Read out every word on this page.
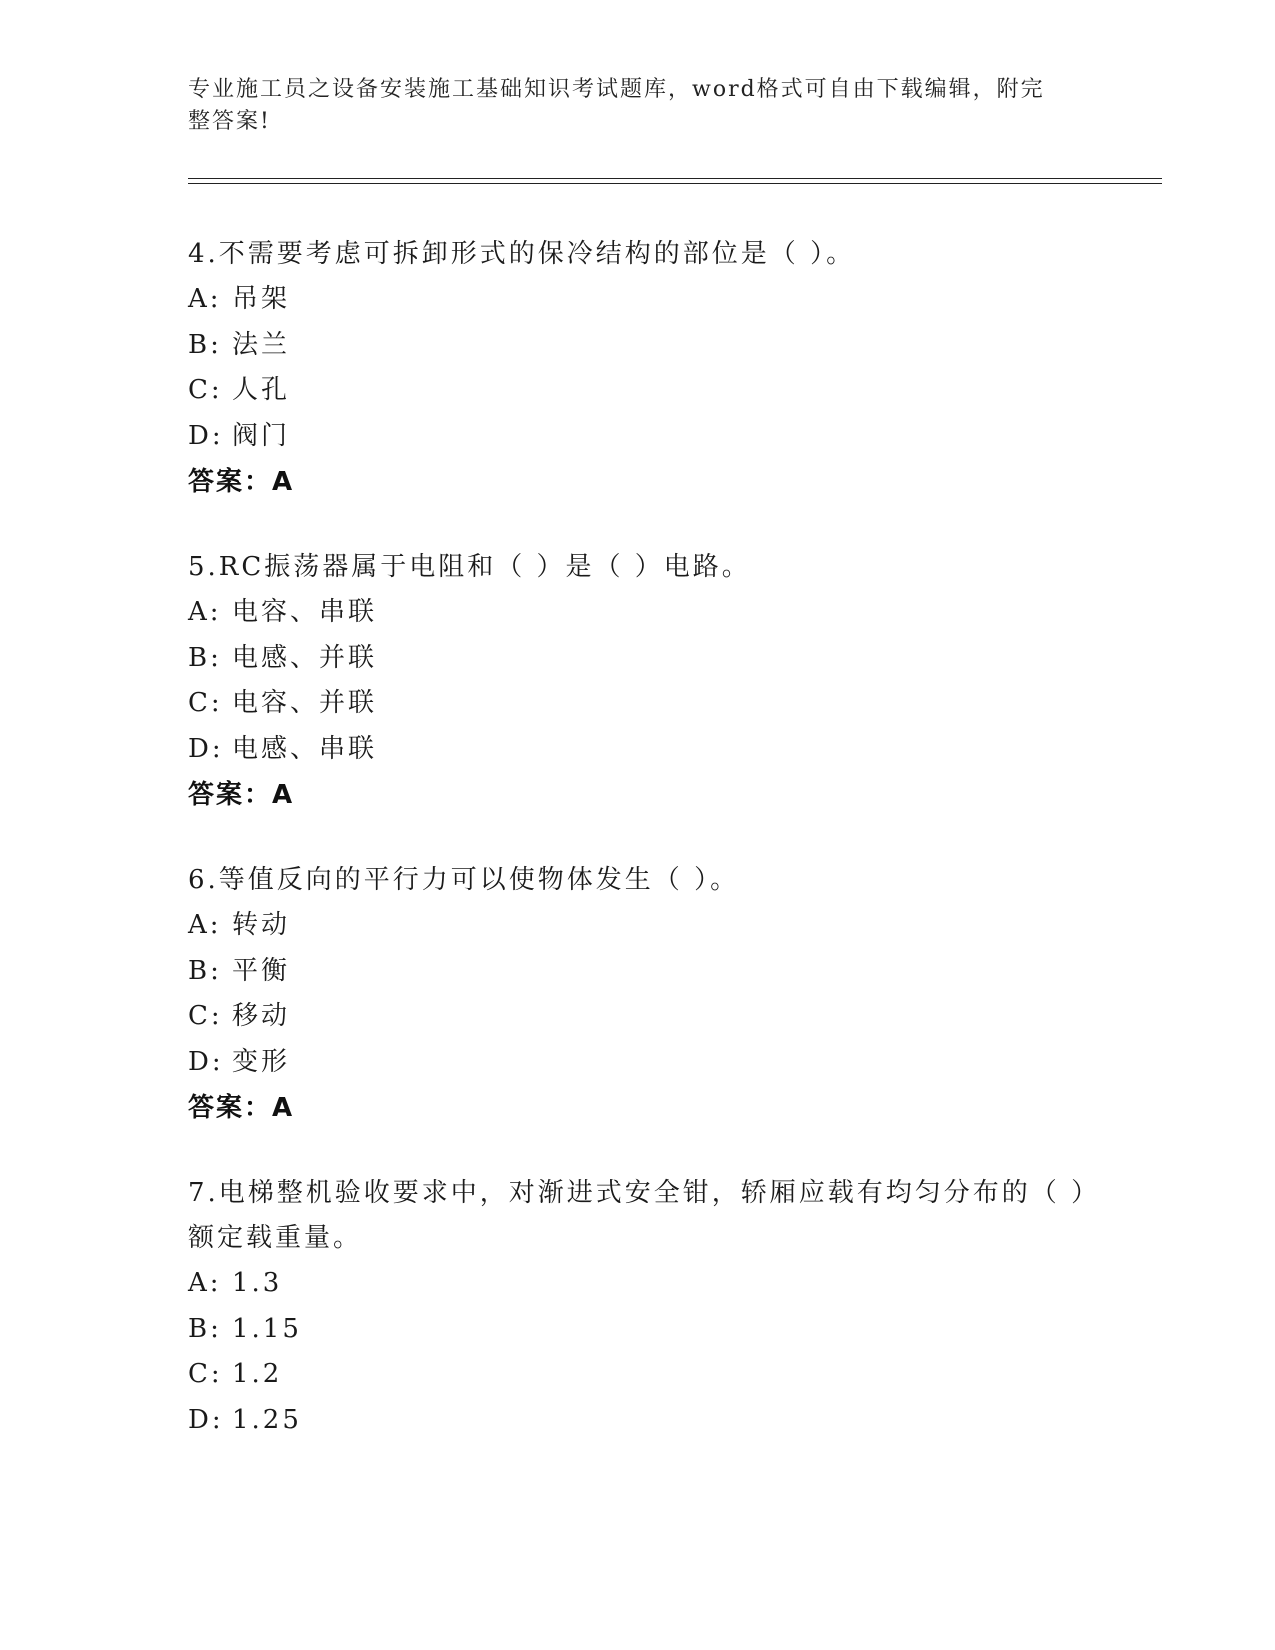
专业施工员之设备安装施工基础知识考试题库，word格式可自由下载编辑，附完整答案!
4.不需要考虑可拆卸形式的保冷结构的部位是（ ）。
A: 吊架
B: 法兰
C: 人孔
D: 阀门
答案：A
5.RC振荡器属于电阻和（ ）是（ ）电路。
A: 电容、串联
B: 电感、并联
C: 电容、并联
D: 电感、串联
答案：A
6.等值反向的平行力可以使物体发生（ ）。
A: 转动
B: 平衡
C: 移动
D: 变形
答案：A
7.电梯整机验收要求中，对渐进式安全钳，轿厢应载有均匀分布的（ ）额定载重量。
A: 1.3
B: 1.15
C: 1.2
D: 1.25
